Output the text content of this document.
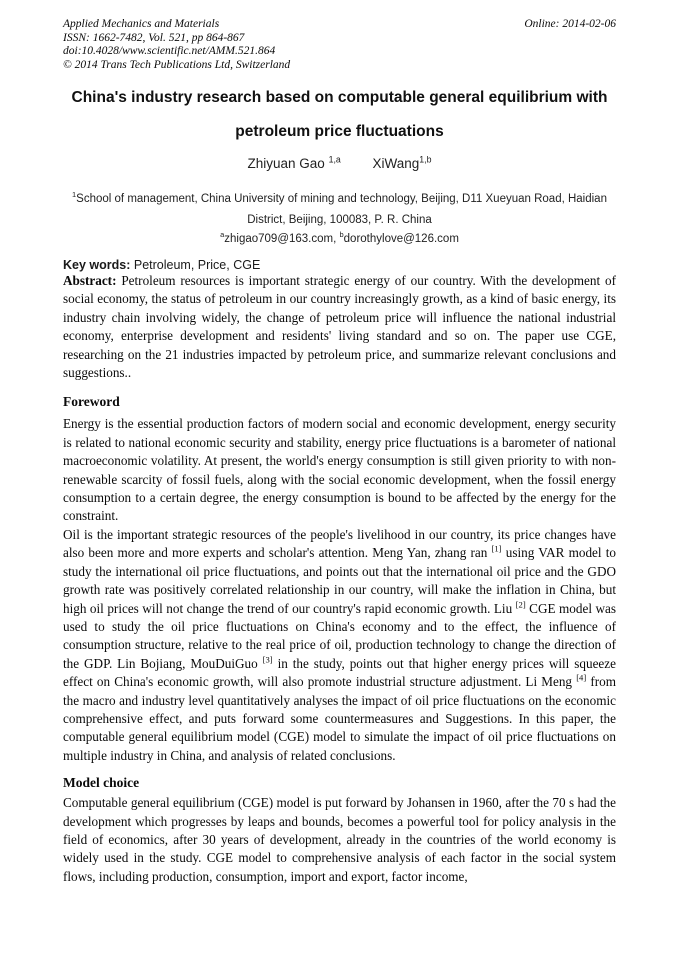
Applied Mechanics and Materials
ISSN: 1662-7482, Vol. 521, pp 864-867
doi:10.4028/www.scientific.net/AMM.521.864
© 2014 Trans Tech Publications Ltd, Switzerland
Online: 2014-02-06
China's industry research based on computable general equilibrium with
petroleum price fluctuations
Zhiyuan Gao $^{1,a}$ XiWang$^{1,b}$
$^1$School of management, China University of mining and technology, Beijing, D11 Xueyuan Road, Haidian District, Beijing, 100083, P. R. China
$^a$zhigao709@163.com, $^b$dorothylove@126.com
Key words: Petroleum, Price, CGE

Abstract: Petroleum resources is important strategic energy of our country. With the development of social economy, the status of petroleum in our country increasingly growth, as a kind of basic energy, its industry chain involving widely, the change of petroleum price will influence the national industrial economy, enterprise development and residents' living standard and so on. The paper use CGE, researching on the 21 industries impacted by petroleum price, and summarize relevant conclusions and suggestions..

Foreword

Energy is the essential production factors of modern social and economic development, energy security is related to national economic security and stability, energy price fluctuations is a barometer of national macroeconomic volatility. At present, the world's energy consumption is still given priority to with non-renewable scarcity of fossil fuels, along with the social economic development, when the fossil energy consumption to a certain degree, the energy consumption is bound to be affected by the energy for the constraint.

Oil is the important strategic resources of the people's livelihood in our country, its price changes have also been more and more experts and scholar's attention. Meng Yan, zhang ran [1] using VAR model to study the international oil price fluctuations, and points out that the international oil price and the GDO growth rate was positively correlated relationship in our country, will make the inflation in China, but high oil prices will not change the trend of our country's rapid economic growth. Liu [2] CGE model was used to study the oil price fluctuations on China's economy and to the effect, the influence of consumption structure, relative to the real price of oil, production technology to change the direction of the GDP. Lin Bojiang, MouDuiGuo [3] in the study, points out that higher energy prices will squeeze effect on China's economic growth, will also promote industrial structure adjustment. Li Meng [4] from the macro and industry level quantitatively analyses the impact of oil price fluctuations on the economic comprehensive effect, and puts forward some countermeasures and Suggestions. In this paper, the computable general equilibrium model (CGE) model to simulate the impact of oil price fluctuations on multiple industry in China, and analysis of related conclusions.

Model choice

Computable general equilibrium (CGE) model is put forward by Johansen in 1960, after the 70 s had the development which progresses by leaps and bounds, becomes a powerful tool for policy analysis in the field of economics, after 30 years of development, already in the countries of the world economy is widely used in the study. CGE model to comprehensive analysis of each factor in the social system flows, including production, consumption, import and export, factor income,
